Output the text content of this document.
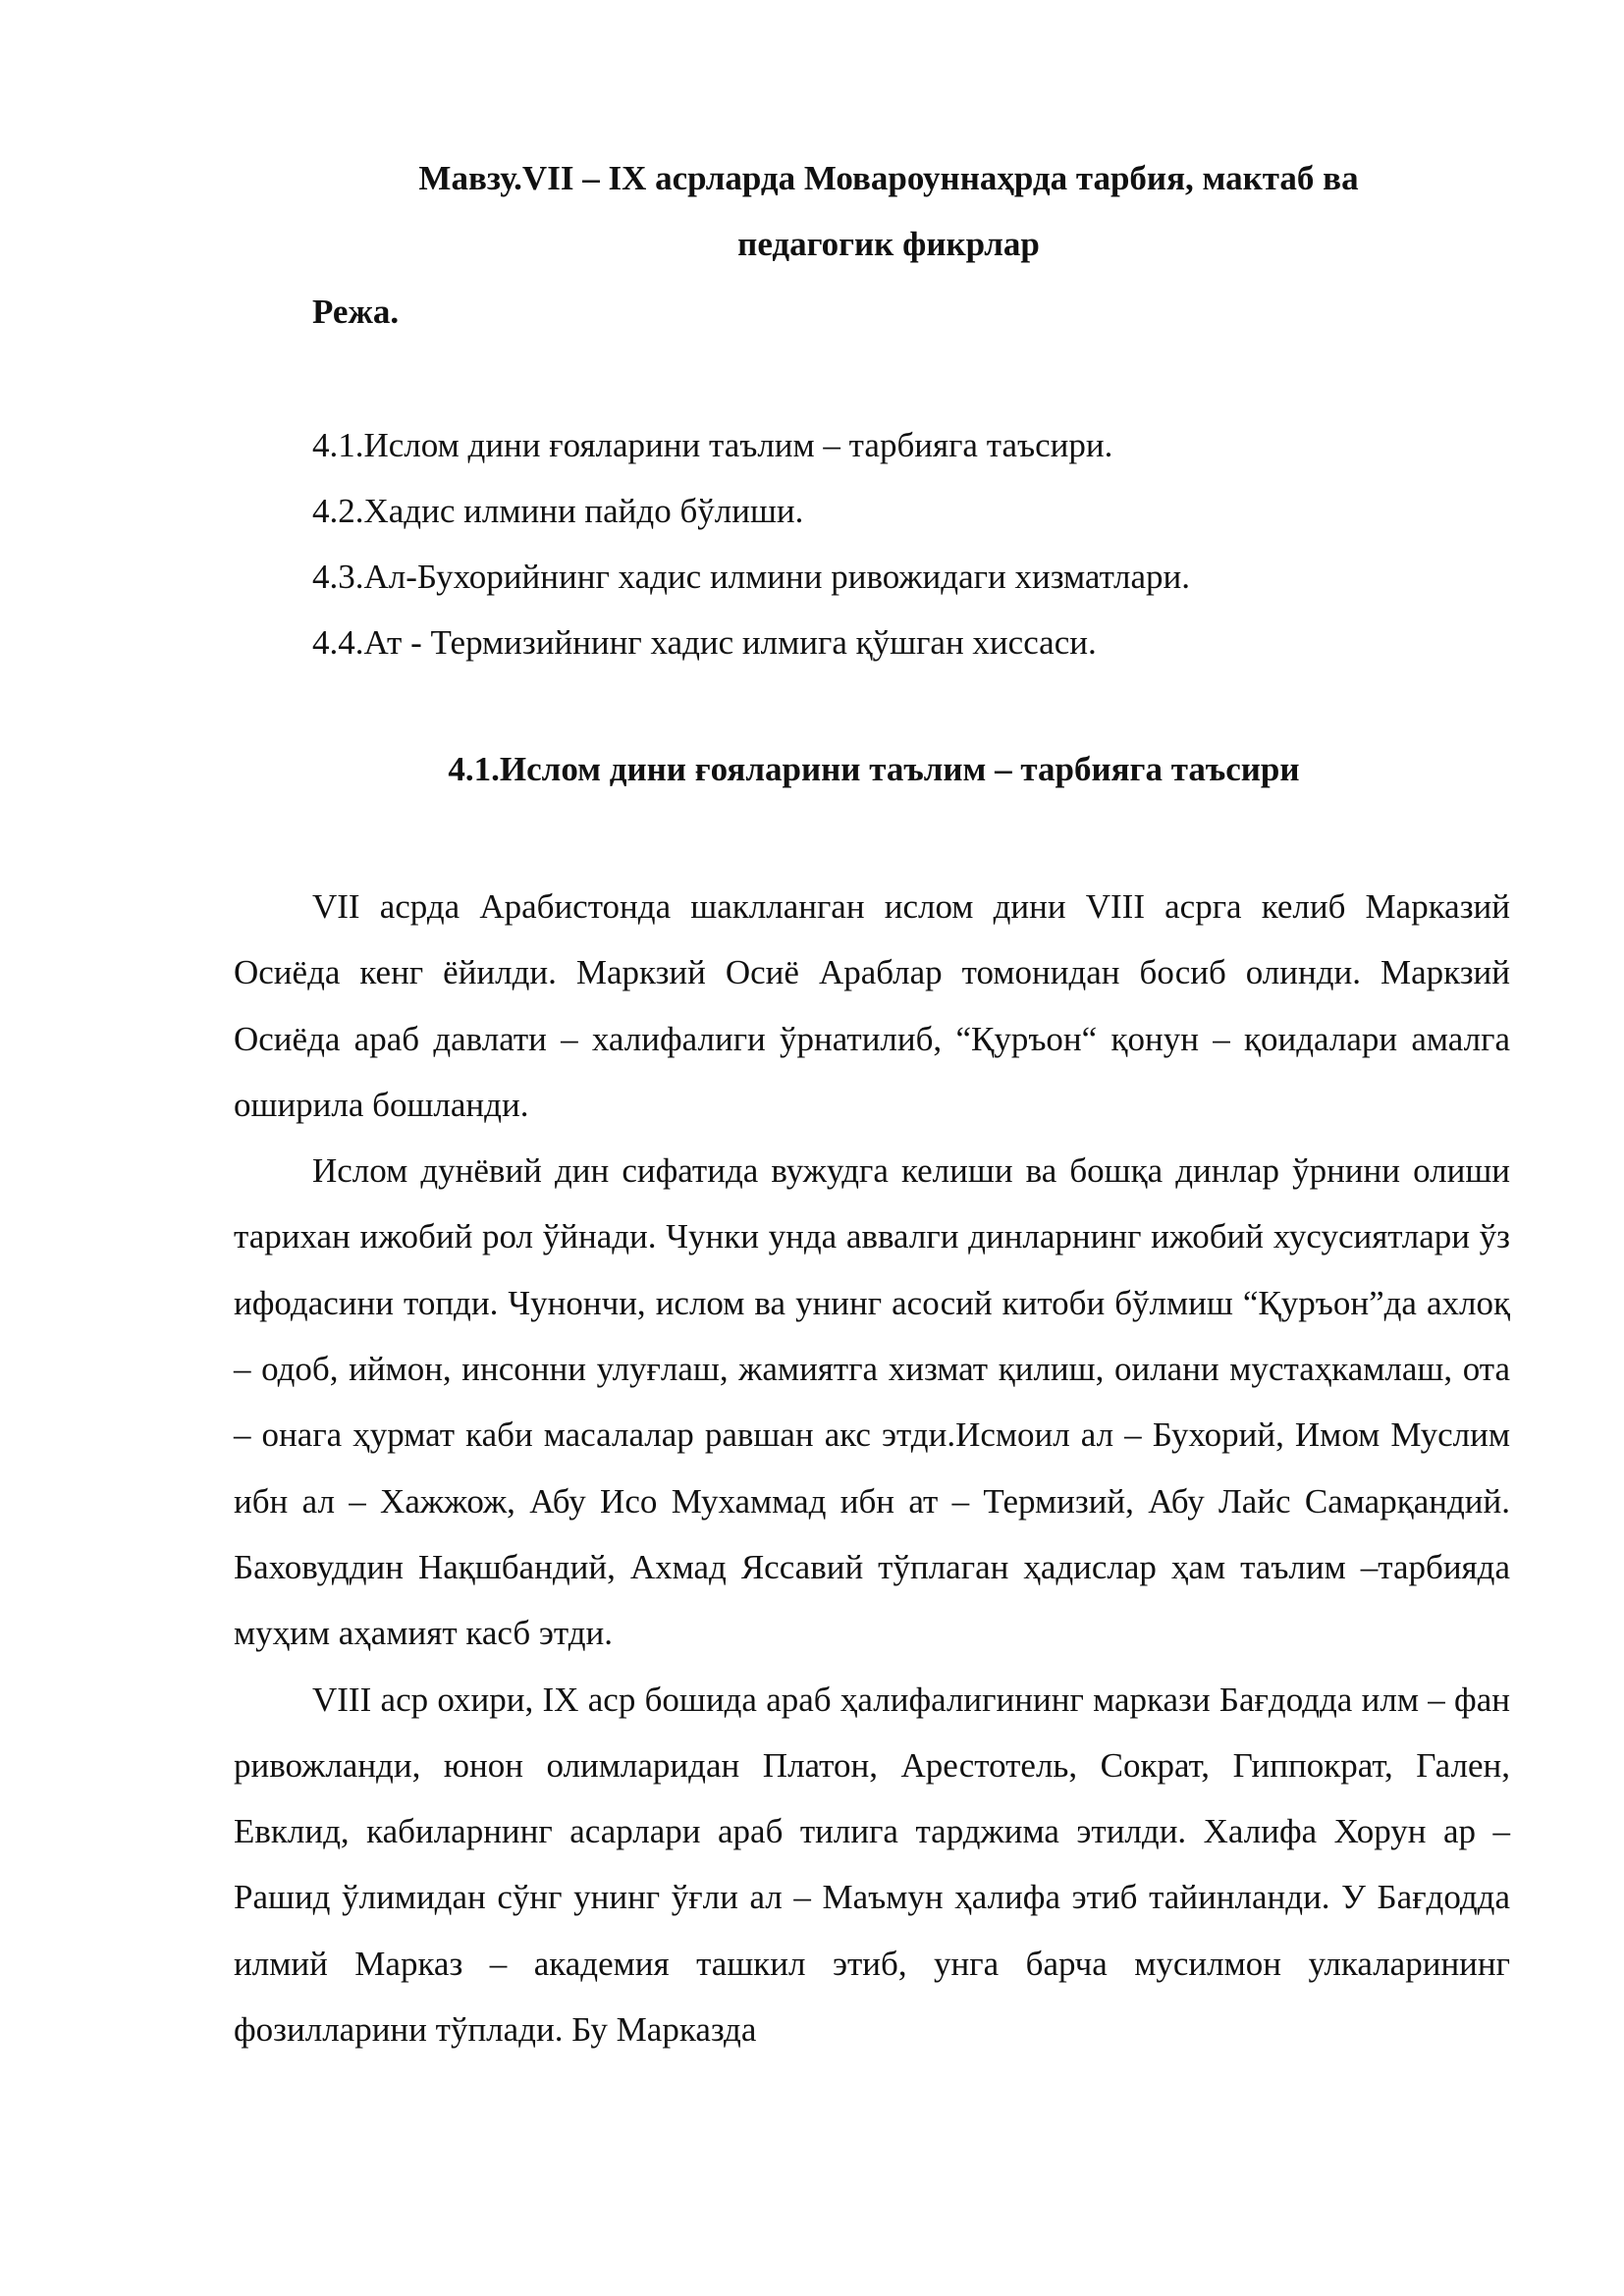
Мавзу.VII – IX асрларда Мовароуннаҳрда тарбия, мактаб ва
педагогик фикрлар

Режа.

4.1.Ислом дини ғояларини таълим – тарбияга таъсири.
4.2.Хадис илмини пайдо бўлиши.
4.3.Ал-Бухорийнинг хадис илмини ривожидаги хизматлари.
4.4.Ат - Термизийнинг хадис илмига қўшган хиссаси.
4.1.Ислом дини ғояларини таълим – тарбияга таъсири

VII асрда Арабистонда шаклланган ислом дини VIII асрга келиб Марказий Осиёда кенг ёйилди. Маркзий Осиё Араблар томонидан босиб олинди. Маркзий Осиёда араб давлати – халифалиги ўрнатилиб, “Қуръон“ қонун – қоидалари амалга оширила бошланди.

Ислом дунёвий дин сифатида вужудга келиши ва бошқа динлар ўрнини олиши тарихан ижобий рол ўйнади. Чунки унда аввалги динларнинг ижобий хусусиятлари ўз ифодасини топди. Чунончи, ислом ва унинг асосий китоби бўлмиш “Қуръон”да ахлоқ – одоб, иймон, инсонни улуғлаш, жамиятга хизмат қилиш, оилани мустаҳкамлаш, ота – онага ҳурмат каби масалалар равшан акс этди.Исмоил ал – Бухорий, Имом Муслим ибн ал – Хажжож, Абу Исо Мухаммад ибн ат – Термизий, Абу Лайс Самарқандий. Баховуддин Нақшбандий, Ахмад Яссавий тўплаган ҳадислар ҳам таълим –тарбияда муҳим аҳамият касб этди.

VIII аср охири, IX аср бошида араб ҳалифалигининг маркази Бағдодда илм – фан ривожланди, юнон олимларидан Платон, Арестотель, Сократ, Гиппократ, Гален, Евклид, кабиларнинг асарлари араб тилига тарджима этилди. Халифа Хорун ар – Рашид ўлимидан сўнг унинг ўғли ал – Маъмун ҳалифа этиб тайинланди. У Бағдодда илмий Марказ – академия ташкил этиб, унга барча мусилмон улкаларининг фозилларини тўплади. Бу Марказда
